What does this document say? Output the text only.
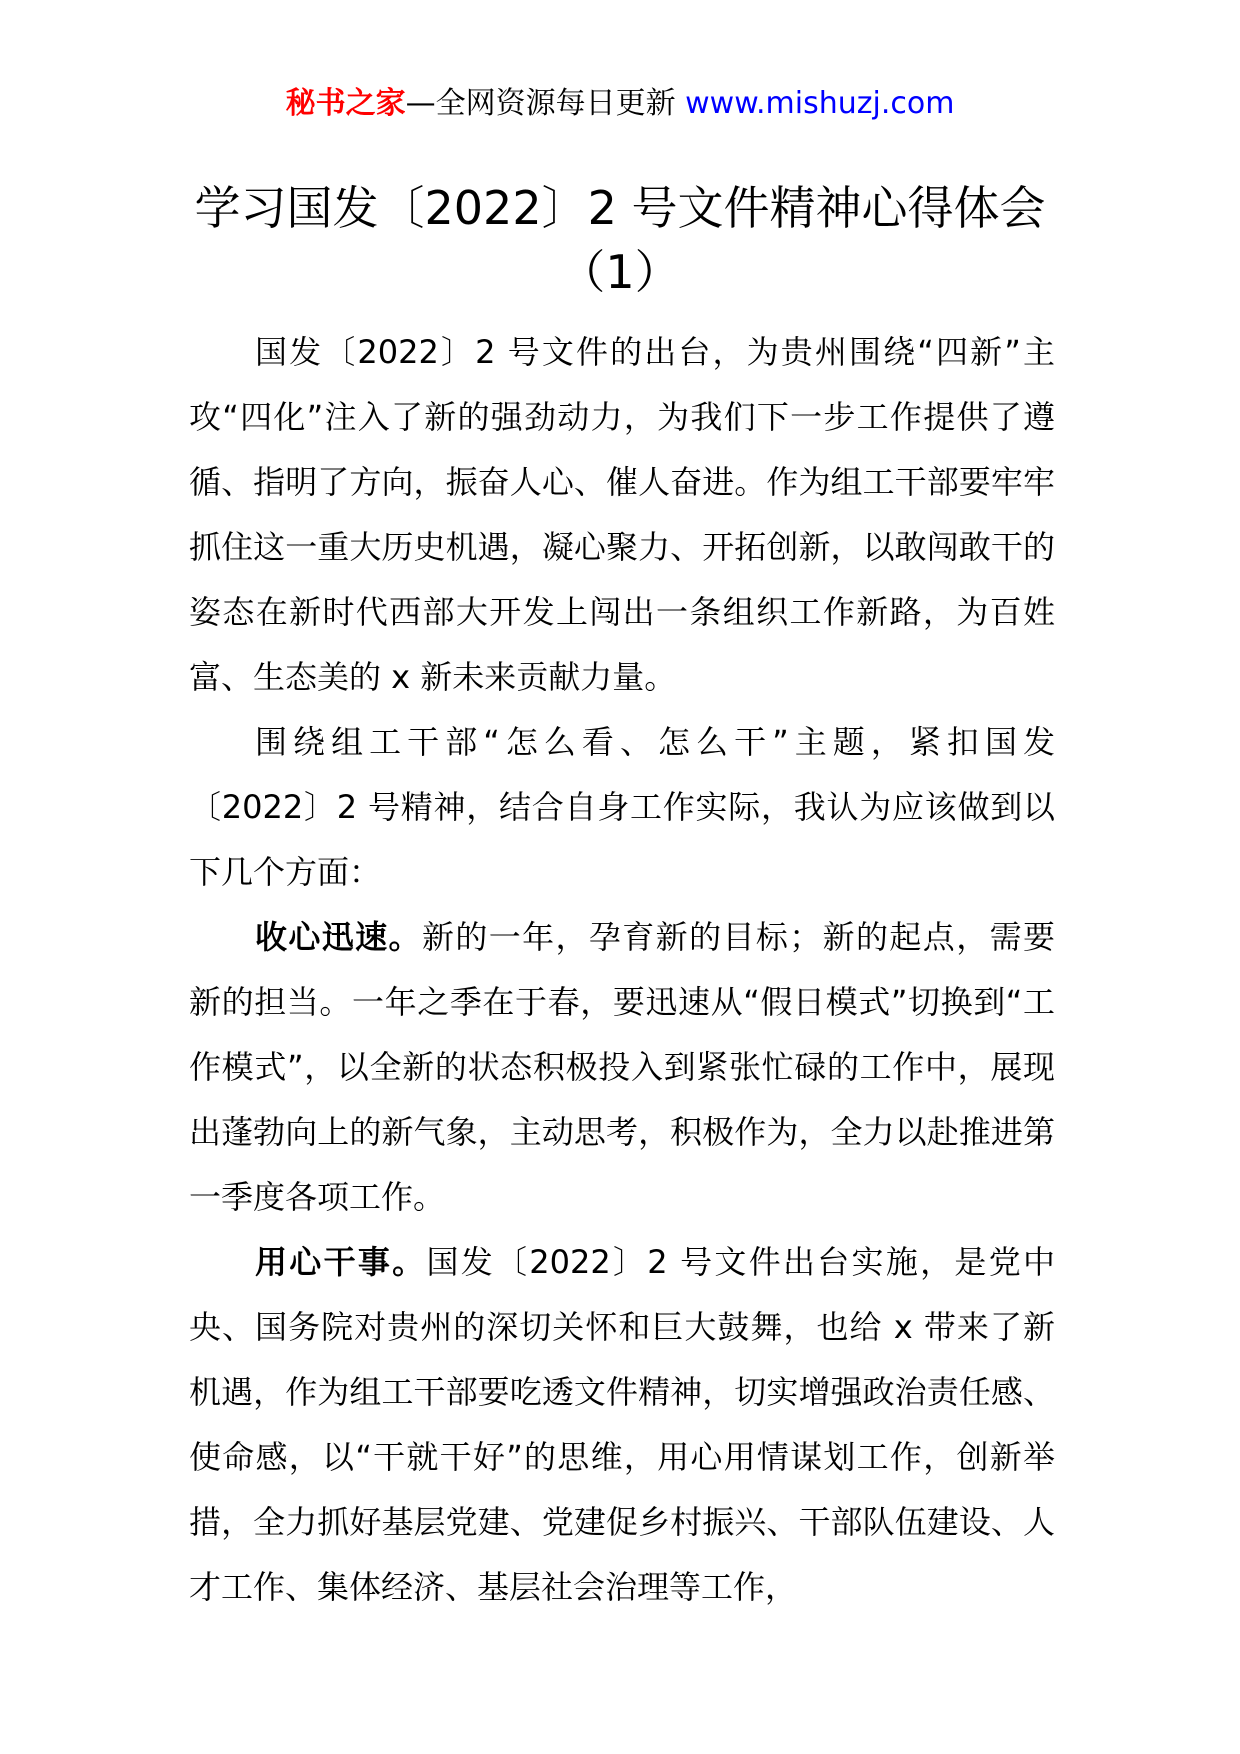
秘书之家—全网资源每日更新 www.mishuzj.com
学习国发〔2022〕2 号文件精神心得体会（1）

国发〔2022〕2 号文件的出台，为贵州围绕“四新”主攻“四化”注入了新的强劲动力，为我们下一步工作提供了遵循、指明了方向，振奋人心、催人奋进。作为组工干部要牢牢抓住这一重大历史机遇，凝心聚力、开拓创新，以敢闯敢干的姿态在新时代西部大开发上闯出一条组织工作新路，为百姓富、生态美的 x 新未来贡献力量。

围绕组工干部“怎么看、怎么干”主题，紧扣国发〔2022〕2 号精神，结合自身工作实际，我认为应该做到以下几个方面：

收心迅速。新的一年，孕育新的目标；新的起点，需要新的担当。一年之季在于春，要迅速从“假日模式”切换到“工作模式”，以全新的状态积极投入到紧张忙碌的工作中，展现出蓬勃向上的新气象，主动思考，积极作为，全力以赴推进第一季度各项工作。

用心干事。国发〔2022〕2 号文件出台实施，是党中央、国务院对贵州的深切关怀和巨大鼓舞，也给 x 带来了新机遇，作为组工干部要吃透文件精神，切实增强政治责任感、使命感，以“干就干好”的思维，用心用情谋划工作，创新举措，全力抓好基层党建、党建促乡村振兴、干部队伍建设、人才工作、集体经济、基层社会治理等工作，
